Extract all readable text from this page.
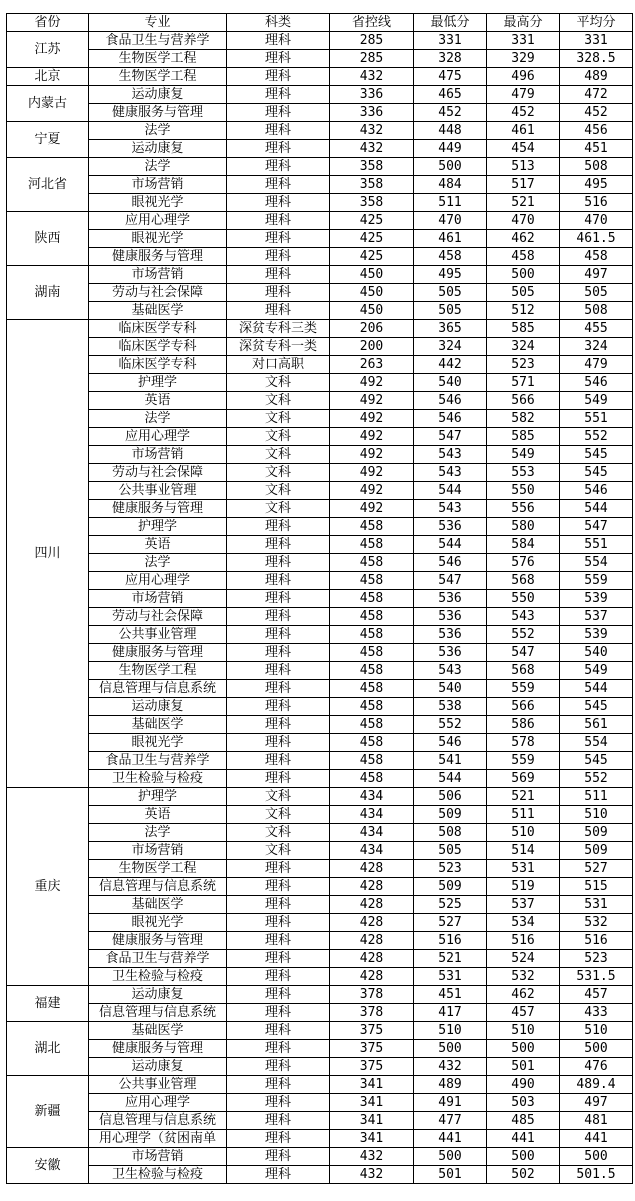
省份	专业	科类	省控线	最低分	最高分	平均分
江苏	食品卫生与营养学	理科	285	331	331	331
	生物医学工程	理科	285	328	329	328.5
北京	生物医学工程	理科	432	475	496	489
内蒙古	运动康复	理科	336	465	479	472
	健康服务与管理	理科	336	452	452	452
宁夏	法学	理科	432	448	461	456
	运动康复	理科	432	449	454	451
河北省	法学	理科	358	500	513	508
	市场营销	理科	358	484	517	495
	眼视光学	理科	358	511	521	516
陕西	应用心理学	理科	425	470	470	470
	眼视光学	理科	425	461	462	461.5
	健康服务与管理	理科	425	458	458	458
湖南	市场营销	理科	450	495	500	497
	劳动与社会保障	理科	450	505	505	505
	基础医学	理科	450	505	512	508
四川	临床医学专科	深贫专科三类	206	365	585	455
	临床医学专科	深贫专科一类	200	324	324	324
	临床医学专科	对口高职	263	442	523	479
	护理学	文科	492	540	571	546
	英语	文科	492	546	566	549
	法学	文科	492	546	582	551
	应用心理学	文科	492	547	585	552
	市场营销	文科	492	543	549	545
	劳动与社会保障	文科	492	543	553	545
	公共事业管理	文科	492	544	550	546
	健康服务与管理	文科	492	543	556	544
	护理学	理科	458	536	580	547
	英语	理科	458	544	584	551
	法学	理科	458	546	576	554
	应用心理学	理科	458	547	568	559
	市场营销	理科	458	536	550	539
	劳动与社会保障	理科	458	536	543	537
	公共事业管理	理科	458	536	552	539
	健康服务与管理	理科	458	536	547	540
	生物医学工程	理科	458	543	568	549
	信息管理与信息系统	理科	458	540	559	544
	运动康复	理科	458	538	566	545
	基础医学	理科	458	552	586	561
	眼视光学	理科	458	546	578	554
	食品卫生与营养学	理科	458	541	559	545
	卫生检验与检疫	理科	458	544	569	552
重庆	护理学	文科	434	506	521	511
	英语	文科	434	509	511	510
	法学	文科	434	508	510	509
	市场营销	文科	434	505	514	509
	生物医学工程	理科	428	523	531	527
	信息管理与信息系统	理科	428	509	519	515
	基础医学	理科	428	525	537	531
	眼视光学	理科	428	527	534	532
	健康服务与管理	理科	428	516	516	516
	食品卫生与营养学	理科	428	521	524	523
	卫生检验与检疫	理科	428	531	532	531.5
福建	运动康复	理科	378	451	462	457
	信息管理与信息系统	理科	378	417	457	433
湖北	基础医学	理科	375	510	510	510
	健康服务与管理	理科	375	500	500	500
	运动康复	理科	375	432	501	476
新疆	公共事业管理	理科	341	489	490	489.4
	应用心理学	理科	341	491	503	497
	信息管理与信息系统	理科	341	477	485	481
	用心理学（贫困南单	理科	341	441	441	441
安徽	市场营销	理科	432	500	500	500
	卫生检验与检疫	理科	432	501	502	501.5
